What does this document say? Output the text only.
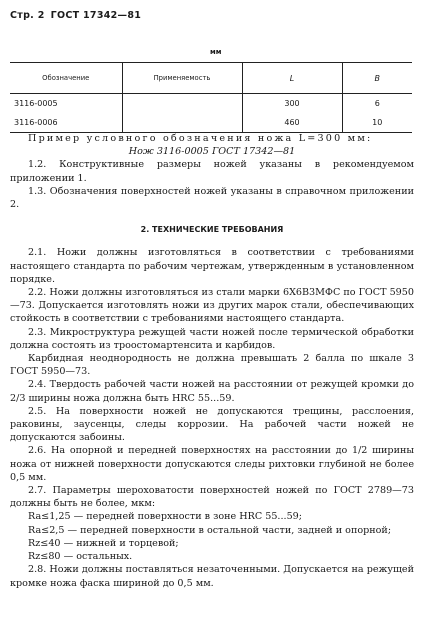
Стр. 2 ГОСТ 17342—81
мм
Обозначение	Применяемость	L	B
3116-0005		300	6
3116-0006		460	10

Пример условного обозначения ножа L=300 мм:

Нож 3116-0005 ГОСТ 17342—81

1.2. Конструктивные размеры ножей указаны в рекомендуемом приложении 1.

1.3. Обозначения поверхностей ножей указаны в справочном приложении 2.

2. ТЕХНИЧЕСКИЕ ТРЕБОВАНИЯ

2.1. Ножи должны изготовляться в соответствии с требованиями настоящего стандарта по рабочим чертежам, утвержденным в установленном порядке.

2.2. Ножи должны изготовляться из стали марки 6Х6В3МФС по ГОСТ 5950—73. Допускается изготовлять ножи из других марок стали, обеспечивающих стойкость в соответствии с требованиями настоящего стандарта.

2.3. Микроструктура режущей части ножей после термической обработки должна состоять из троостомартенсита и карбидов.

Карбидная неоднородность не должна превышать 2 балла по шкале 3 ГОСТ 5950—73.

2.4. Твердость рабочей части ножей на расстоянии от режущей кромки до 2/3 ширины ножа должна быть HRC 55...59.

2.5. На поверхности ножей не допускаются трещины, расслоения, раковины, заусенцы, следы коррозии. На рабочей части ножей не допускаются забоины.

2.6. На опорной и передней поверхностях на расстоянии до 1/2 ширины ножа от нижней поверхности допускаются следы рихтовки глубиной не более 0,5 мм.

2.7. Параметры шероховатости поверхностей ножей по ГОСТ 2789—73 должны быть не более, мкм:

Ra≤1,25 — передней поверхности в зоне HRC 55...59;

Ra≤2,5 — передней поверхности в остальной части, задней и опорной;

Rz≤40 — нижней и торцевой;

Rz≤80 — остальных.

2.8. Ножи должны поставляться незаточенными. Допускается на режущей кромке ножа фаска шириной до 0,5 мм.
